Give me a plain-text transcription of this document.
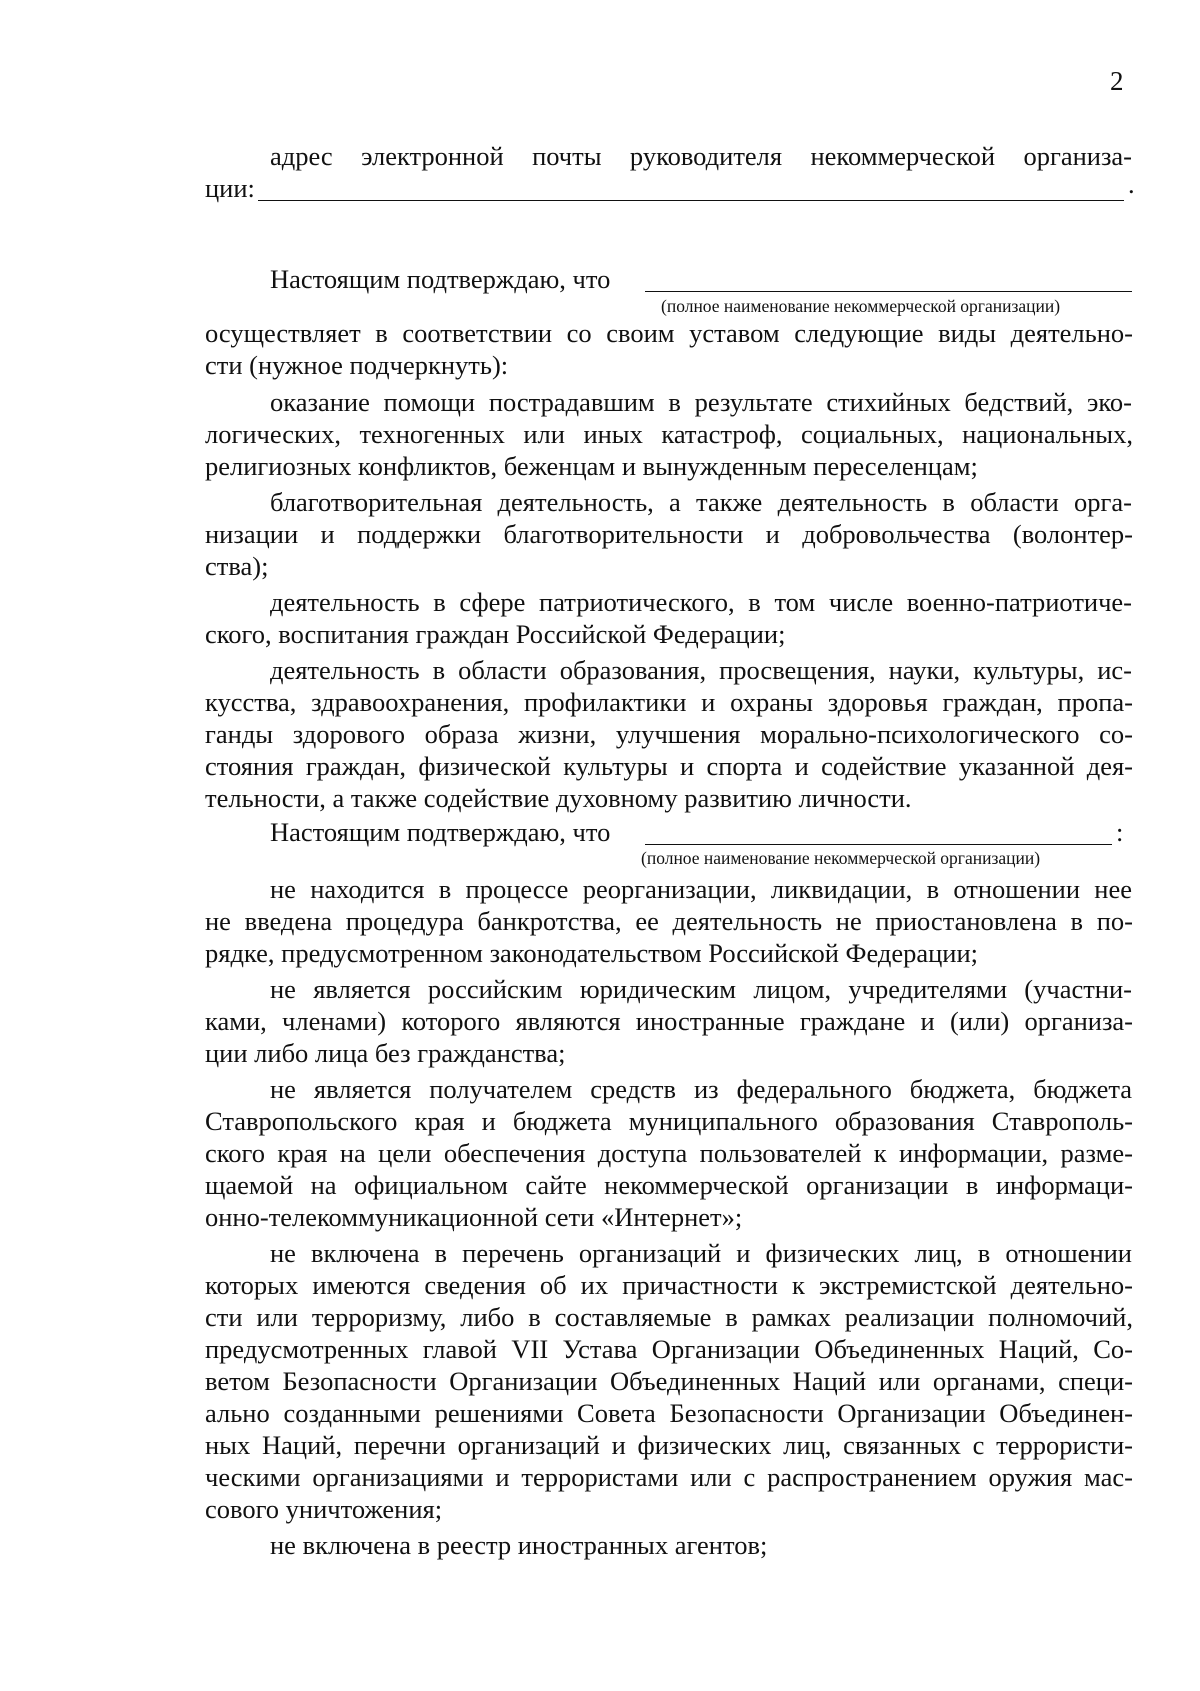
2
адрес электронной почты руководителя некоммерческой организа-
ции:	.
Настоящим подтверждаю, что
(полное наименование некоммерческой организации)
осуществляет в соответствии со своим уставом следующие виды деятельно-
сти (нужное подчеркнуть):
оказание помощи пострадавшим в результате стихийных бедствий, эко-
логических, техногенных или иных катастроф, социальных, национальных,
религиозных конфликтов, беженцам и вынужденным переселенцам;
благотворительная деятельность, а также деятельность в области орга-
низации и поддержки благотворительности и добровольчества (волонтер-
ства);
деятельность в сфере патриотического, в том числе военно-патриотиче-
ского, воспитания граждан Российской Федерации;
деятельность в области образования, просвещения, науки, культуры, ис-
кусства, здравоохранения, профилактики и охраны здоровья граждан, пропа-
ганды здорового образа жизни, улучшения морально-психологического со-
стояния граждан, физической культуры и спорта и содействие указанной дея-
тельности, а также содействие духовному развитию личности.
Настоящим подтверждаю, что	:
(полное наименование некоммерческой организации)
не находится в процессе реорганизации, ликвидации, в отношении нее
не введена процедура банкротства, ее деятельность не приостановлена в по-
рядке, предусмотренном законодательством Российской Федерации;
не является российским юридическим лицом, учредителями (участни-
ками, членами) которого являются иностранные граждане и (или) организа-
ции либо лица без гражданства;
не является получателем средств из федерального бюджета, бюджета
Ставропольского края и бюджета муниципального образования Ставрополь-
ского края на цели обеспечения доступа пользователей к информации, разме-
щаемой на официальном сайте некоммерческой организации в информаци-
онно-телекоммуникационной сети «Интернет»;
не включена в перечень организаций и физических лиц, в отношении
которых имеются сведения об их причастности к экстремистской деятельно-
сти или терроризму, либо в составляемые в рамках реализации полномочий,
предусмотренных главой VII Устава Организации Объединенных Наций, Со-
ветом Безопасности Организации Объединенных Наций или органами, специ-
ально созданными решениями Совета Безопасности Организации Объединен-
ных Наций, перечни организаций и физических лиц, связанных с террористи-
ческими организациями и террористами или с распространением оружия мас-
сового уничтожения;
не включена в реестр иностранных агентов;
